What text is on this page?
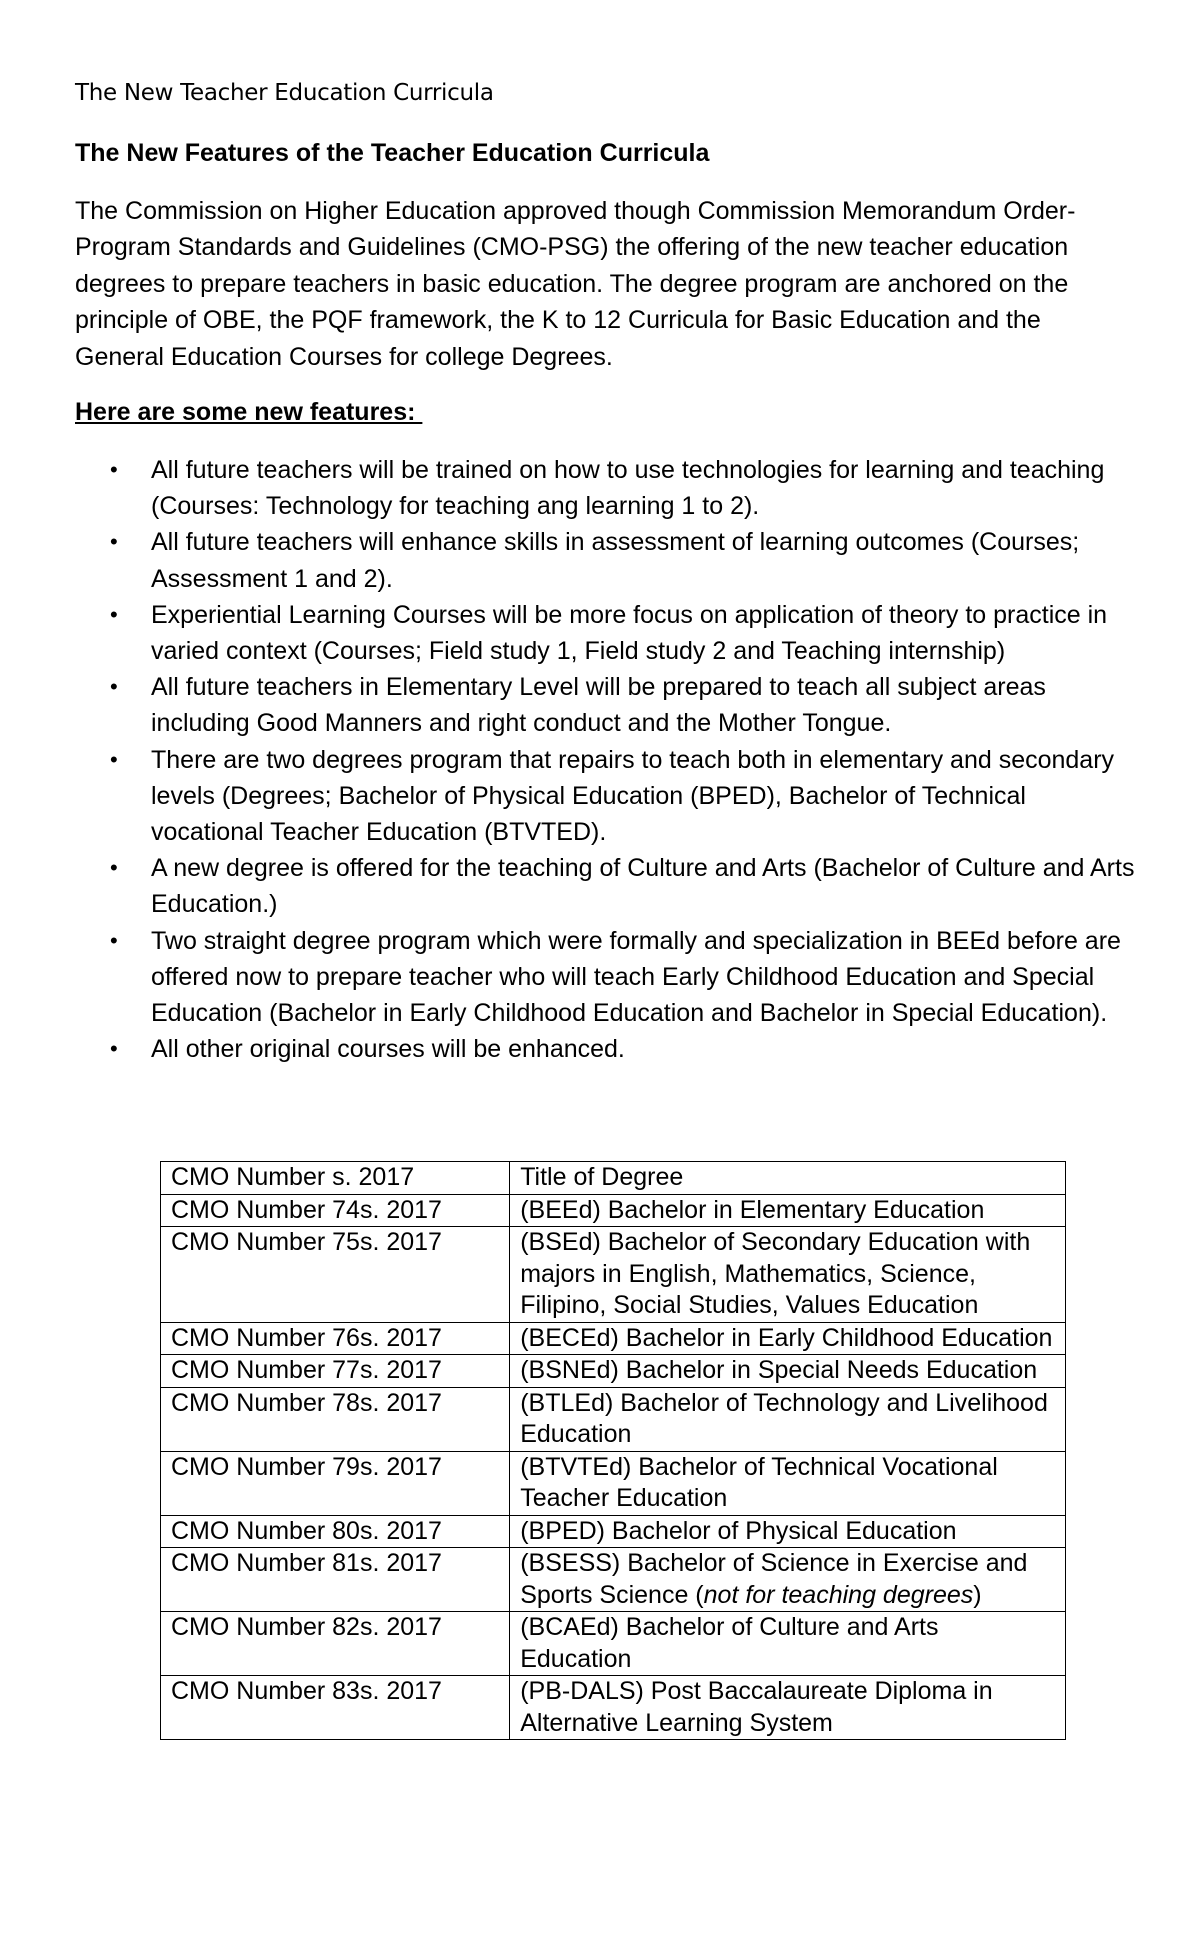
The New Teacher Education Curricula
The New Features of the Teacher Education Curricula

The Commission on Higher Education approved though Commission Memorandum Order-Program Standards and Guidelines (CMO-PSG) the offering of the new teacher education degrees to prepare teachers in basic education. The degree program are anchored on the principle of OBE, the PQF framework, the K to 12 Curricula for Basic Education and the General Education Courses for college Degrees.

Here are some new features:
• All future teachers will be trained on how to use technologies for learning and teaching (Courses: Technology for teaching ang learning 1 to 2).
• All future teachers will enhance skills in assessment of learning outcomes (Courses; Assessment 1 and 2).
• Experiential Learning Courses will be more focus on application of theory to practice in varied context (Courses; Field study 1, Field study 2 and Teaching internship)
• All future teachers in Elementary Level will be prepared to teach all subject areas including Good Manners and right conduct and the Mother Tongue.
• There are two degrees program that repairs to teach both in elementary and secondary levels (Degrees; Bachelor of Physical Education (BPED), Bachelor of Technical vocational Teacher Education (BTVTED).
• A new degree is offered for the teaching of Culture and Arts (Bachelor of Culture and Arts Education.)
• Two straight degree program which were formally and specialization in BEEd before are offered now to prepare teacher who will teach Early Childhood Education and Special Education (Bachelor in Early Childhood Education and Bachelor in Special Education).
• All other original courses will be enhanced.
CMO Number s. 2017	Title of Degree
CMO Number 74s. 2017	(BEEd) Bachelor in Elementary Education
CMO Number 75s. 2017	(BSEd) Bachelor of Secondary Education with majors in English, Mathematics, Science, Filipino, Social Studies, Values Education
CMO Number 76s. 2017	(BECEd) Bachelor in Early Childhood Education
CMO Number 77s. 2017	(BSNEd) Bachelor in Special Needs Education
CMO Number 78s. 2017	(BTLEd) Bachelor of Technology and Livelihood Education
CMO Number 79s. 2017	(BTVTEd) Bachelor of Technical Vocational Teacher Education
CMO Number 80s. 2017	(BPED) Bachelor of Physical Education
CMO Number 81s. 2017	(BSESS) Bachelor of Science in Exercise and Sports Science (not for teaching degrees)
CMO Number 82s. 2017	(BCAEd) Bachelor of Culture and Arts Education
CMO Number 83s. 2017	(PB-DALS) Post Baccalaureate Diploma in Alternative Learning System
